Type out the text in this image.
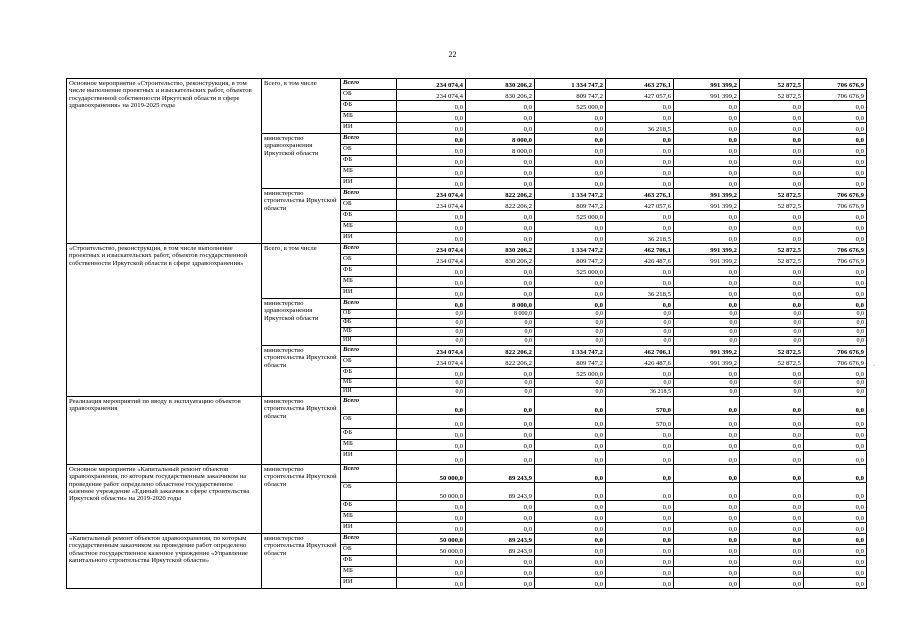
22
Основное мероприятие «Строительство, реконструкция, в том числе выполнение проектных и изыскательских работ, объектов государственной собственности Иркутской области в сфере здравоохранения» на 2019-2025 годы	Всего, в том числе	Всего	234 074,4	830 206,2	1 334 747,2	463 276,1	991 399,2	52 872,5	706 676,9
		ОБ	234 074,4	830 206,2	809 747,2	427 057,6	991 399,2	52 872,5	706 676,9
		ФБ	0,0	0,0	525 000,0	0,0	0,0	0,0	0,0
		МБ	0,0	0,0	0,0	0,0	0,0	0,0	0,0
		ИИ	0,0	0,0	0,0	36 218,5	0,0	0,0	0,0
	министерство здравоохранения Иркутской области	Всего	0,0	8 000,0	0,0	0,0	0,0	0,0	0,0
		ОБ	0,0	8 000,0	0,0	0,0	0,0	0,0	0,0
		ФБ	0,0	0,0	0,0	0,0	0,0	0,0	0,0
		МБ	0,0	0,0	0,0	0,0	0,0	0,0	0,0
		ИИ	0,0	0,0	0,0	0,0	0,0	0,0	0,0
	министерство строительства Иркутской области	Всего	234 074,4	822 206,2	1 334 747,2	463 276,1	991 399,2	52 872,5	706 676,9
		ОБ	234 074,4	822 206,2	809 747,2	427 057,6	991 399,2	52 872,5	706 676,9
		ФБ	0,0	0,0	525 000,0	0,0	0,0	0,0	0,0
		МБ	0,0	0,0	0,0	0,0	0,0	0,0	0,0
		ИИ	0,0	0,0	0,0	36 218,5	0,0	0,0	0,0
«Строительство, реконструкция, в том числе выполнение проектных и изыскательских работ, объектов государственной собственности Иркутской области в сфере здравоохранения»	Всего, в том числе	Всего	234 074,4	830 206,2	1 334 747,2	462 706,1	991 399,2	52 872,5	706 676,9
		ОБ	234 074,4	830 206,2	809 747,2	426 487,6	991 399,2	52 872,5	706 676,9
		ФБ	0,0	0,0	525 000,0	0,0	0,0	0,0	0,0
		МБ	0,0	0,0	0,0	0,0	0,0	0,0	0,0
		ИИ	0,0	0,0	0,0	36 218,5	0,0	0,0	0,0
	министерство здравоохранения Иркутской области	Всего	0,0	8 000,0	0,0	0,0	0,0	0,0	0,0
		ОБ	0,0	8 000,0	0,0	0,0	0,0	0,0	0,0
		ФБ	0,0	0,0	0,0	0,0	0,0	0,0	0,0
		МБ	0,0	0,0	0,0	0,0	0,0	0,0	0,0
		ИИ	0,0	0,0	0,0	0,0	0,0	0,0	0,0
	министерство строительства Иркутской области	Всего	234 074,4	822 206,2	1 334 747,2	462 706,1	991 399,2	52 872,5	706 676,9
		ОБ	234 074,4	822 206,2	809 747,2	426 487,6	991 399,2	52 872,5	706 676,9
		ФБ	0,0	0,0	525 000,0	0,0	0,0	0,0	0,0
		МБ	0,0	0,0	0,0	0,0	0,0	0,0	0,0
		ИИ	0,0	0,0	0,0	36 218,5	0,0	0,0	0,0
Реализация мероприятий по вводу в эксплуатацию объектов здравоохранения	министерство строительства Иркутской области	Всего	0,0	0,0	0,0	570,0	0,0	0,0	0,0
		ОБ	0,0	0,0	0,0	570,0	0,0	0,0	0,0
		ФБ	0,0	0,0	0,0	0,0	0,0	0,0	0,0
		МБ	0,0	0,0	0,0	0,0	0,0	0,0	0,0
		ИИ	0,0	0,0	0,0	0,0	0,0	0,0	0,0
Основное мероприятие «Капитальный ремонт объектов здравоохранения, по которым государственным заказчиком на проведение работ определено областное государственное казенное учреждение «Единый заказчик в сфере строительства Иркутской области» на 2019-2020 годы	министерство строительства Иркутской области	Всего	50 000,0	89 243,9	0,0	0,0	0,0	0,0	0,0
		ОБ	50 000,0	89 243,9	0,0	0,0	0,0	0,0	0,0
		ФБ	0,0	0,0	0,0	0,0	0,0	0,0	0,0
		МБ	0,0	0,0	0,0	0,0	0,0	0,0	0,0
		ИИ	0,0	0,0	0,0	0,0	0,0	0,0	0,0
«Капитальный ремонт объектов здравоохранения, по которым государственным заказчиком на проведение работ определено областное государственное казенное учреждение «Управление капитального строительства Иркутской области»	министерство строительства Иркутской области	Всего	50 000,0	89 243,9	0,0	0,0	0,0	0,0	0,0
		ОБ	50 000,0	89 243,9	0,0	0,0	0,0	0,0	0,0
		ФБ	0,0	0,0	0,0	0,0	0,0	0,0	0,0
		МБ	0,0	0,0	0,0	0,0	0,0	0,0	0,0
		ИИ	0,0	0,0	0,0	0,0	0,0	0,0	0,0
·
